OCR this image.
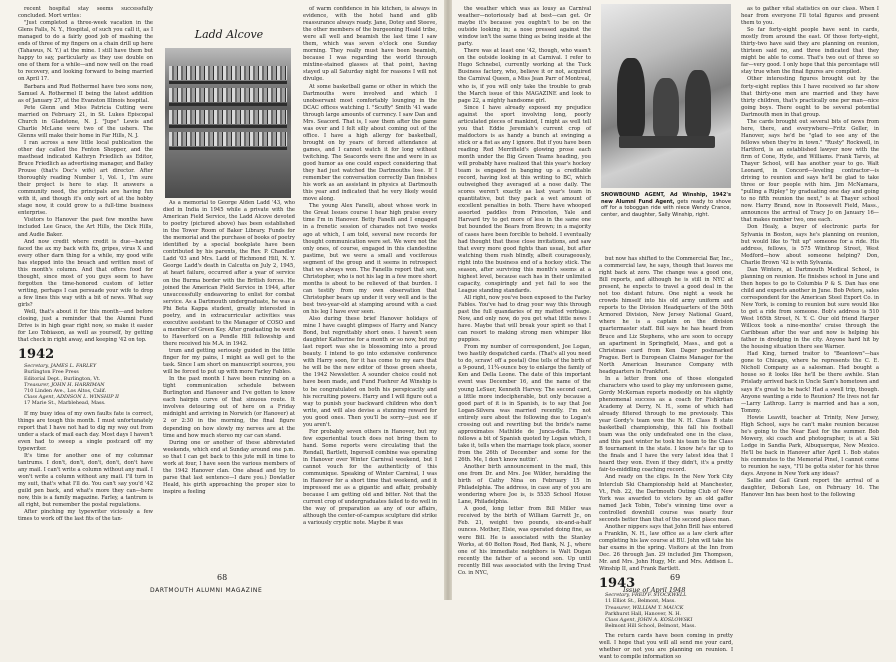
recent hospital stay seems successfully concluded. Mort writes:

"Just completed a three-week vacation in the Glens Falls, N. Y., Hospital, of such you call it, as I managed to do a fairly good job of mashing the ends of three of my fingers on a chain drill up here (Tahawus, N. Y.) at the mine. I still have them but happy to say, particularly as they use double on one of them for a while—and now well on the road to recovery, and looking forward to being married on April 17.

Barbara and Rud Rothermel have two sons now, Samuel A. Rothermel II being the latest addition as of January 27, at the Evanston Illinois hospital.

Pete Glenn and Miss Patricia Cutting were married on February 21, in St. Lukes Episcopal Church in Gladstone, N. J. "Jupe" Lewis and Charlie McLane were two of the ushers. The Glenns will make their home in Far Hills, N. J.

I ran across a new little local publication the other day called the Fenton Shopper, and the masthead indicated Kathryn Friedlich as Editor, Bruce Friedlich as advertising manager, and Bailey Prouse (that's Doc's wife) art director. After thoroughly reading Number 1, Vol. 1, I'm sure their project is here to stay. It answers a community need, the principals are having fun with it, and though it's only sort of at the hobby stage now, it could grow to a full-time business enterprise.

Visitors to Hanover the past few months have included Lee Grace, the Art Hills, the Dick Hills, and Audie Baker.

And now credit where credit is due—having faced the ax my back with fix, gripes, virus X and every other darn thing for a while, my good wife has stepped into the breach and written most of this month's column. And that offers food for thought, since most of you guys seem to have forgotten the time-honored custom of letter writing, perhaps I can persuade your wife to drop a few lines this way with a bit of news. What say girls?

Well, that's about it for this month—and before closing, just a reminder that the Alumni Fund Drive is in high gear right now, so make it easier for Leo Tobiason, as well as yourself, by getting that check in right away, and keeping '42 on top.

1942

Secretary, JAMES L. FARLEY

Burlington Free Press

Editorial Dept., Burlington, Vt.

Treasurer, JOHN H. HARRIMAN

710 Linden Ave., Los Altos, Calif.

Class Agent, ADDISON L. WINSHIP II

17 Marie St., Marblehead, Mass.

If my busy idea of my own faults fate is correct, things are tough this month. I must unfortunately report that I have not had to dig my way out from under a stack of mail each day. Most days I haven't even had to sweep a single postcard off my typewriter.

It's time for another one of my columnar tantrums. I don't, don't, don't, don't, don't have any mail. I can't write a column without any mail. I won't write a column without any mail. I'll turn in my suit, that's what I'll do. You can't say you'd '42 guild pen back, and what's more they can—here now, this is a family magazine. Farley, a tantrum is all right, but remember the postal regulations.

After pinching my typewriter viciously a few times to work off the last fits of the tan-

Ladd Alcove

As a memorial to George Alden Ladd '43, who died in India in 1945 while a private with the American Field Service, the Ladd Alcove devoted to poetry (pictured above) has been established in the Tower Room of Baker Library. Funds for the memorial and the purchase of books of poetry identified by a special bookplate have been contributed by his parents, the Rev. P. Chandler Ladd '03 and Mrs. Ladd of Richmond Hill, N. Y. George Ladd's death in Calcutta on July 2, 1945, at heart failure, occurred after a year of service on the Burma border with the British forces. He joined the American Field Service in 1944, after unsuccessfully endeavoring to enlist for combat service. As a Dartmouth undergraduate, he was a Phi Beta Kappa student, greatly interested in poetry, and in extracurricular activities was executive assistant to the Manager of COSO and a member of Green Key. After graduating he went to Haverford on a Pendle Hill fellowship and there received his M.A. in 1942.

trum and getting seriously guided in the little finger for my pains, I might as well get to the task. Since I am short on manuscript sources, you will be forced to put up with more Farley Fables.

In the past month I have been running on a tight communication schedule between Burlington and Hanover and I've gotten to know each hairpin curve of that sinuous route. It involves detouring out of here on a Friday midnight and arriving in Norwich (or Hanover) at 2 or 2:30 in the morning, the final figure depending on how slowly my nerves are at the time and how much stereo my car can stand.

During one or another of these abbreviated weekends, which end at Sunday around one p.m. so that I can get back to this jute mill in time to work at four, I have seen the various members of the 1942 Hanover clan. One ahead and try to parse that last sentence—I dare you.) Dowlatler Heald, his girth approaching the proper size to inspire a feeling

of warm confidence in his kitchen, is always in evidence, with the hotel hand and glib reassurance always ready. Jane, Dotey and Steeve, the other members of the burgeoning Heald tribe, were all well and beamish the last time I saw them, which was seven o'clock one Sunday morning. They really must have been beamish, because I was regarding the world through mixtine-stained glasses at that point, having stayed up all Saturday night for reasons I will not divulge.

At some basketball game or other in which the Dartmouths were involved and which I unobservant most comfortably lounging in the DCAC offices watching I. "Scuffy" Smith '41 wade through large amounts of currency. I saw Dan and Mrs. Seacord. That is, I saw them after the game was over and I felt silly about coming out of the office. I have a high allergy for basketball, brought on by years of forced attendance at games, and I cannot watch it for long without twitching. The Seacords were fine and were in as good humor as one could expect considering that they had just watched the Dartmouths lose. If I remember the conversation correctly Dan finishes his work as an assistant in physics at Dartmouth this year and indicated that he very likely would move along.

The young Alex Fanelli, about whose work in the Great Issues course I hear high praise every time I'm in Hanover. Betty Fanelli and I engaged in a frenetic session of charades not two weeks ago at which, I am told, several new records for thought communication were set. We were not the only ones, of course, engaged in this clandestine pastime, but we were a small and vociferous segment of the group and it seems in retrospect that we always won. The Fanellis report that son, Christopher, who is not his lag in a few more short months is about to be relieved of that burden. I can testify from my own observation that Christopher bears up under it very well and is the best two-year-old at stamping around with a cast on his leg I have ever seen.

Also during these brief Hanover holidays of mine I have caught glimpses of Harry and Nancy Bond, but regrettably short ones. I haven't seen daughter Katherine for a month or so now, but my last report was she is blossoming into a proud beauty. I intend to go into extensive conference with Harry soon, for it has come to my ears that he will be the new editor of those green sheets, the 1942 Newsletter. A sounder choice could not have been made, and Fund Fuehrer Ad Winship is to be congratulated on both his perspicacity and his recruiting powers. Harry and I will figure out a way to punish your backward children who don't write, and will also devise a stunning reward for you good ones. Then you'll be sorry—just see if you aren't.

For probably seven others in Hanover, but my few experiential touch does not bring them to hand. Some reports were circulating that the Rendall, Bartlett, Ingersoll combine was operating in Hanover over Winter Carnival weekend, but I cannot vouch for the authenticity of this communique. Speaking of Winter Carnival, I was in Hanover for a short time that weekend, and it impressed me as a gigantic and affair, probably because I am getting old and bitter. Not that the current crop of undergraduates failed to do well in the way of preparation as any of our affairs, although the center-of-campus sculpture did strike a variously cryptic note. Maybe it was

68
DARTMOUTH ALUMNI MAGAZINE

the weather which was as lousy as Carnival weather—notoriously bad at best—can get. Or maybe it's because you oughtn't to be on the outside looking in; a nose pressed against the window isn't the same thing as being inside at the party.

There was at least one '42, though, who wasn't on the outside looking in at Carnival. I refer to Hugo Schnebel, currently working at the Tuck Business factory, who, believe it or not, acquired the Carnival Queen, a Miss Jean Parr of Montreal, who is, if you will only take the trouble to grab the March issue of this MAGAZINE and look to page 22, a mighty handsome girl.

Since I have already exposed my prejudice against the sport involving long, poorly articulated pieces of mankind, I might as well tell you that Eddie Jeremiah's current crop of maldoctors is as handy a bunch at swinging a stick or a fist as any I ignore. But if you have been reading Red Merrifield's glowing prose each month under the Big Green Teams heading, you will probably have realized that this year's hockey team is engaged in banging up a creditable record, having lost at this writing to BC, which outweighed they averaged at a nose daily. The scores weren't exactly as last year's team in quantitative, but they pack a wet amount of excellent penalties in both. There have whooped assorted paddles from Princeton, Yale and Harvard try to get more of less in the same one but bounded the Bears from Brown; in a majority of cases have been forcible to behold. I eventually had thought that these close invitations, and saw that every more good fights than usual, but after watching them rush blindly, albeit courageously, right into the business end of a hockey stick. The season, after surviving this month's seems at a highest level, because each has in their unlimited capacity, conspiringly and yet fail to see the League standing standards.

All right, now you've been exposed to the Farley Fables. You've had to drag your way this through past the full quandaries of my matted verbiage. Now, and only now, do you get what little news I have. Maybe that will break your spirit so that I can resort to making strong men whimper like puppies.

From my number of correspondent, Joe Logan, two hastily despatched cards. (That's all you need to do, scraw! off a postal) One tells of the birth of a 9-pound, 11¾-ounce boy to enlarge the family of Ken and Della Leone. The date of this important event was December 16, and the name of the young LeSuer, Kenneth Harvey. The second card, a little more indecipherable, but only because a good part of it is in Spanish, is to say that Joe Logan-Silvera was married recently. I'm not entirely sure about the following due to Logan's crossing out and rewriting but the bride's name approximates Mathilde de Junca-della. There follows a bit of Spanish quoted by Logan which, I take it, tells when the marriage took place, sooner from the 26th of December and some for the 26th. Me, I don't know nuttin'.

Another birth announcement in the mail, this one from Dr. and Mrs. Joe Wilder, heralding the birth of Cathy Nina on February 15 in Philadelphia. The address, in case any of you are wondering where Joe is, is 5535 School House Lane, Philadelphia.

A good, long letter from Bill Miller was received by the birth of William Garrett Jr., on Feb. 21, weight two pounds, six-and-a-half ounces. Mother, Elsie, was operated doing fine, as were Bill. He is associated with the Stanley Works, at 60 Bolton Road, Red Bank, N. J., where one of his immediate neighbors is Walt Dugan recently the father of a second son. Up until recently Bill was associated with the Irving Trust Co. in NYC,

SNOWBOUND AGENT, Ad Winship, 1942's new Alumni Fund Agent, gets ready to shove off for a toboggan ride with niece Wendy Crance, center, and daughter, Sally Winship, right.

but now has shifted to the Commercial Bar, Inc., a commercial law, he says, though that leaves me right back at zero. The change was a good one, Bill reports, and although he is still in NYC at present, he expects to travel a good deal in the not too distant future. One night a week he crowds himself into his old army uniform and reports to the Division Headquarters of the 50th Armored Division, New Jersey National Guard, where he is a captain on the division quartermaster staff. Bill says he has heard from Bruce and Liz Stephens, who are soon to occupy an apartment in Springfield, Mass., and got a Christmas card from Ken Dager postmarked Prague. Bert is European Claims Manager for the North American Insurance Company with headquarters in Frankfurt.

In a letter from one of those elongated characters who used to play my unforeseen game, Gordy McKernan reports modestly on his slightly phenomenal success as a coach for Fishkrtian Academy at Derry, N. H., some of which had already filtered through to me previously. This year Gordy's team won the N. H. Class B state basketball championship, this fall his football team was the only undefeated one in the class, and this past winter he took his team to the Class B tournament in the state. I know he's far up to the finals and I have the very latest idea that I heard they won. Even if they didn't, it's a pretty fair-to-middling coaching record.

And ready on the clips. In the New York City Interclub Ski Championship held at Manchester, Vt., Feb. 22, the Dartmouth Outing Club of New York was awarded to victors by an old gaffer named Jack Tobin, Tobe's winning time over a controlled downhill course was nearly four seconds better than that of the second place man.

Another nippers says that John Brill has entered a Franklin, N. H., law office as a law clerk after completing his law course at BU. John will take his bar exams in the spring. Visitors at the Inn from Dec. 26 through Jan. 29 included Jim Thompson, Mr. and Mrs. John Hugy, Mr. and Mrs. Addison L. Winship II, and Frank Bartlett.

1943

Secretary, FRED F. STOCKWELL

11 Elliot St., Belmont, Mass.

Treasurer, WILLIAM T. MAUCK

Parkhurst Hall, Hanover, N. H.

Class Agent, JOHN A. KOSLOWSKI

Belmont Hill School, Belmont, Mass.

The return cards have been coming in pretty well. I hope that you will all send me your card, whether or not you are planning on reunion. I want to compile information so

as to gather vital statistics on our class. When I hear from everyone I'll total figures and present them to you.

So far forty-eight people have sent in cards, mostly from around the east. Of those forty-eight, thirty-two have said they are planning on reunion, thirteen said no, and three indicated that they might be able to come. That's two out of three so far—very good. I only hope that this percentage will stay true when the final figures are compiled.

Other interesting figures brought out by the forty-eight replies this I have received so far show that thirty-one men are married and they have thirty children, that's practically one per man—nice going boys. There ought to be several potential Dartmouth men in that group.

The cards brought out several bits of news from here, there, and everywhere—Fritz Geller, in Hanover, says he'd be "glad to see any of the fellows when they're in town." "Rusty" Rockwell, in Hartford, is an established lawyer now with the firm of Cone, Hyde, and Williams. Frank Tarvis, at Thayer School, will has another year to go. Walt Leonard, in Concord—leveling contractor—is driving to reunion and says he'll be glad to take three or four people with him. Jim McNamara, "pulling a Ripley" by graduating one day and going to no fifth reunion the next," is at Thayer school now. Harry Brand, now in Roosevelt Field, Mass., announces the arrival of Tracy Jo on January 16—that makes number two, one each.

Don Healy, a buyer of electronic parts for Sylvania in Boston, says he's planning on reunion, but would like to "hit up" someone for a ride. His address, fellows, is 575 Winthrop Street, West Medford—how about someone helping? Don, Charlie Brown '42 is with Sylvania.

Dan Winters, at Dartmouth Medical School, is planning on reunion. He finishes school in June and then hopes to go to Columbia P & S. Dan has one child and expects another in June. Bob Peters, sales correspondent for the American Steel Export Co. in New York, is coming to reunion but sure would like to get a ride from someone. Bob's address is 510 West 165th Street, N. Y. C. Our old friend Harper Willcox took a nine-months' cruise through the Caribbean after the war and now is helping his father in dredging in the city. Anyone hard hit by the housing situation there see Warner.

Had King, turned traitor to "Beantown"—has gone to Chicago, where he represents the C. E. Nicholl Company as a salesman. Had bought a house so it looks like he'll be there awhile. Stan Prislady arrived back in Uncle Sam's hometown and says it's great to be back! Had a swell trip, though. Anyone wanting a ride to Reunion? He lives not far—Larry Lathrop. Larry is married and has a son, Tommy.

Howie Leavitt, teacher at Trinity, New Jersey, High School, says he can't make reunion because he's going to the Near East for the summer. Bob Mowery, ski coach and photographer, is at a Ski Lodge in Sandia Park, Albuquerque, New Mexico. He'll be back in Hanover after April 1. Bob states his commutes to the Memorial Pinel, I cannot come to reunion he says, "I'll be gotta sister for his three days. Anyone in New York any ideas?

Sallie and Gail Grant report the arrival of a daughter, Deborah Lee, on February 16. The Hanover Inn has been host to the following

69
Issue of April 1948
